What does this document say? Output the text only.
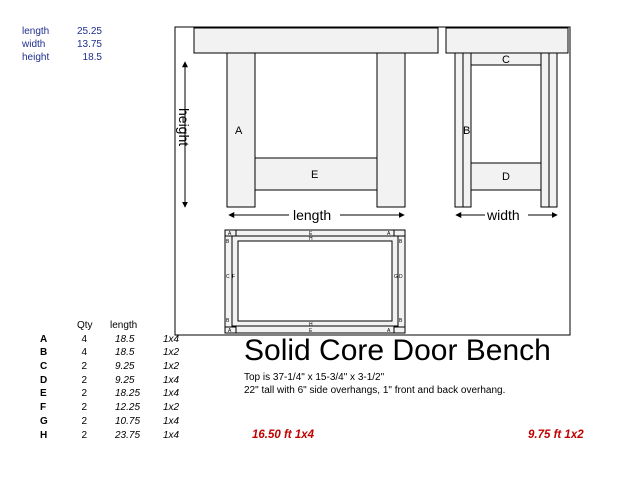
length	25.25
width	13.75
height	18.5
A
E
B
C
D
A	A
A	A
E
H
H
E
B	B
B	B
C F	G D
height
length	width
Qty length
A	4	18.5	1x4
B	4	18.5	1x2
C	2	9.25	1x2
D	2	9.25	1x4
E	2	18.25 1x4
F	2	12.25 1x2
G	2	10.75 1x4
H	2	23.75 1x4
Solid Core Door Bench
Top is 37-1/4" x 15-3/4" x 3-1/2"
22" tall with 6" side overhangs, 1" front and back overhang.
16.50 ft 1x4	9.75 ft 1x2
